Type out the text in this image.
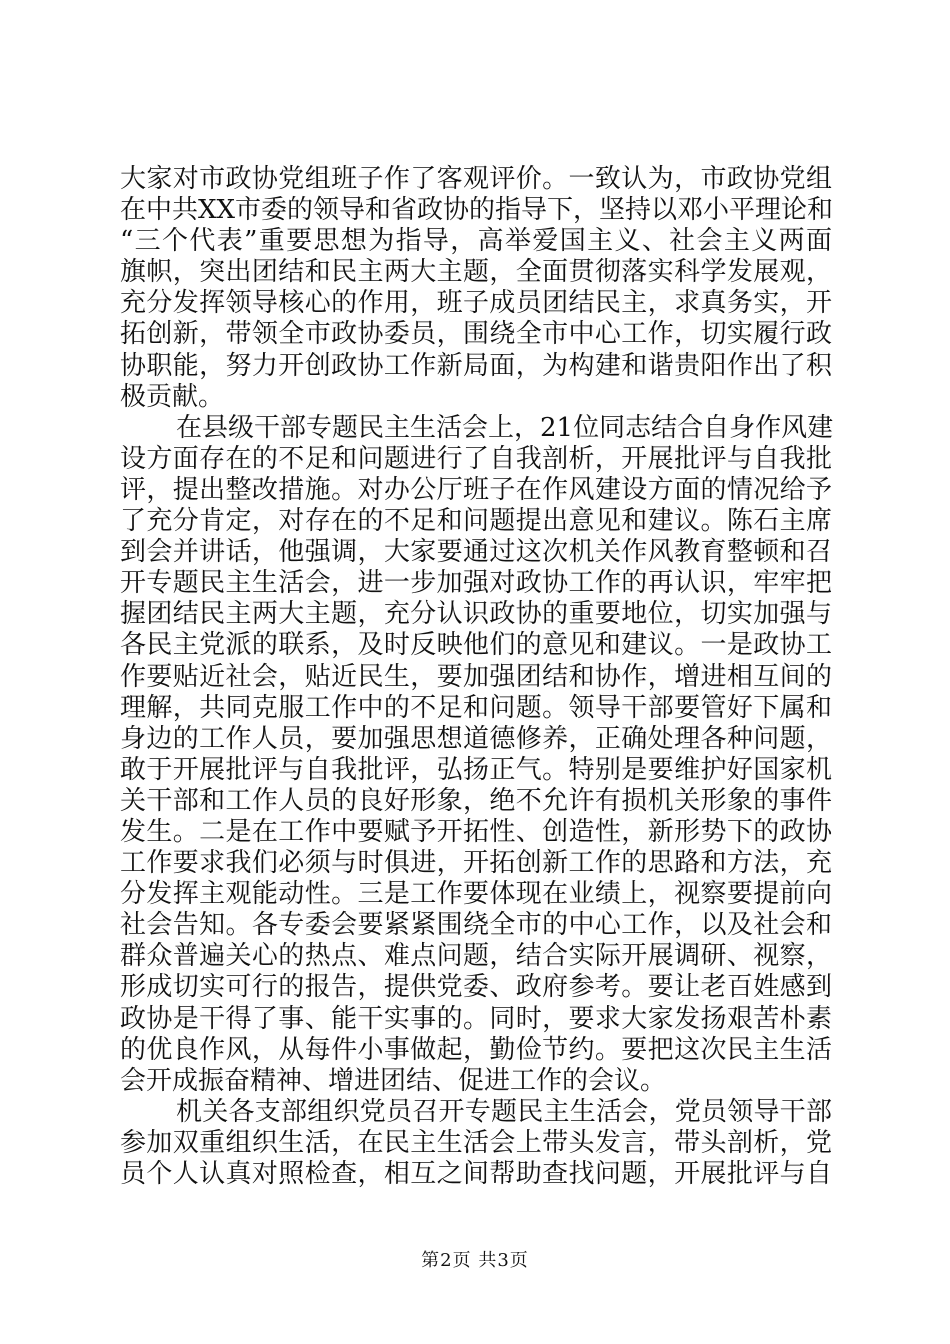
大家对市政协党组班子作了客观评价。一致认为，市政协党组
在中共XX市委的领导和省政协的指导下，坚持以邓小平理论和
“三个代表”重要思想为指导，高举爱国主义、社会主义两面
旗帜，突出团结和民主两大主题，全面贯彻落实科学发展观，
充分发挥领导核心的作用，班子成员团结民主，求真务实，开
拓创新，带领全市政协委员，围绕全市中心工作，切实履行政
协职能，努力开创政协工作新局面，为构建和谐贵阳作出了积
极贡献。
在县级干部专题民主生活会上，21位同志结合自身作风建
设方面存在的不足和问题进行了自我剖析，开展批评与自我批
评，提出整改措施。对办公厅班子在作风建设方面的情况给予
了充分肯定，对存在的不足和问题提出意见和建议。陈石主席
到会并讲话，他强调，大家要通过这次机关作风教育整顿和召
开专题民主生活会，进一步加强对政协工作的再认识，牢牢把
握团结民主两大主题，充分认识政协的重要地位，切实加强与
各民主党派的联系，及时反映他们的意见和建议。一是政协工
作要贴近社会，贴近民生，要加强团结和协作，增进相互间的
理解，共同克服工作中的不足和问题。领导干部要管好下属和
身边的工作人员，要加强思想道德修养，正确处理各种问题，
敢于开展批评与自我批评，弘扬正气。特别是要维护好国家机
关干部和工作人员的良好形象，绝不允许有损机关形象的事件
发生。二是在工作中要赋予开拓性、创造性，新形势下的政协
工作要求我们必须与时俱进，开拓创新工作的思路和方法，充
分发挥主观能动性。三是工作要体现在业绩上，视察要提前向
社会告知。各专委会要紧紧围绕全市的中心工作，以及社会和
群众普遍关心的热点、难点问题，结合实际开展调研、视察，
形成切实可行的报告，提供党委、政府参考。要让老百姓感到
政协是干得了事、能干实事的。同时，要求大家发扬艰苦朴素
的优良作风，从每件小事做起，勤俭节约。要把这次民主生活
会开成振奋精神、增进团结、促进工作的会议。
机关各支部组织党员召开专题民主生活会，党员领导干部
参加双重组织生活，在民主生活会上带头发言，带头剖析，党
员个人认真对照检查，相互之间帮助查找问题，开展批评与自
第2页 共3页
